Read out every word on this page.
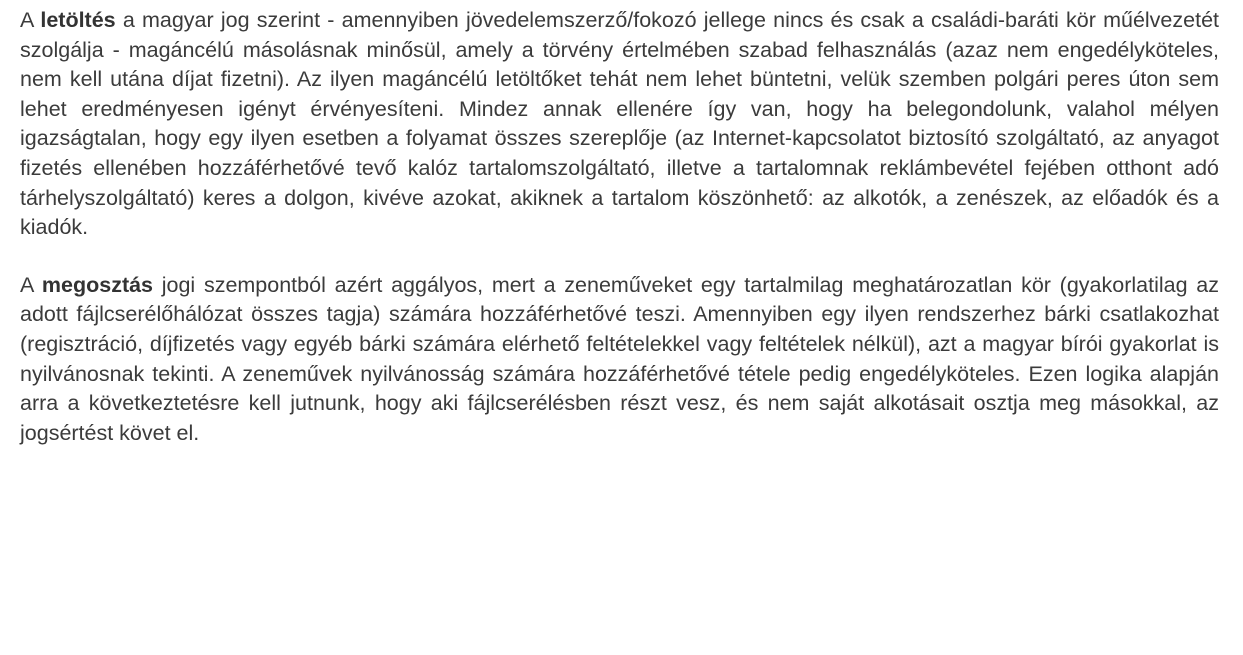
A letöltés a magyar jog szerint - amennyiben jövedelemszerző/fokozó jellege nincs és csak a családi-baráti kör műélvezetét szolgálja - magáncélú másolásnak minősül, amely a törvény értelmében szabad felhasználás (azaz nem engedélyköteles, nem kell utána díjat fizetni). Az ilyen magáncélú letöltőket tehát nem lehet büntetni, velük szemben polgári peres úton sem lehet eredményesen igényt érvényesíteni. Mindez annak ellenére így van, hogy ha belegondolunk, valahol mélyen igazságtalan, hogy egy ilyen esetben a folyamat összes szereplője (az Internet-kapcsolatot biztosító szolgáltató, az anyagot fizetés ellenében hozzáférhetővé tevő kalóz tartalomszolgáltató, illetve a tartalomnak reklámbevétel fejében otthont adó tárhelyszolgáltató) keres a dolgon, kivéve azokat, akiknek a tartalom köszönhető: az alkotók, a zenészek, az előadók és a kiadók.

A megosztás jogi szempontból azért aggályos, mert a zeneműveket egy tartalmilag meghatározatlan kör (gyakorlatilag az adott fájlcserélőhálózat összes tagja) számára hozzáférhetővé teszi. Amennyiben egy ilyen rendszerhez bárki csatlakozhat (regisztráció, díjfizetés vagy egyéb bárki számára elérhető feltételekkel vagy feltételek nélkül), azt a magyar bírói gyakorlat is nyilvánosnak tekinti. A zeneművek nyilvánosság számára hozzáférhetővé tétele pedig engedélyköteles. Ezen logika alapján arra a következtetésre kell jutnunk, hogy aki fájlcserélésben részt vesz, és nem saját alkotásait osztja meg másokkal, az jogsértést követ el.
